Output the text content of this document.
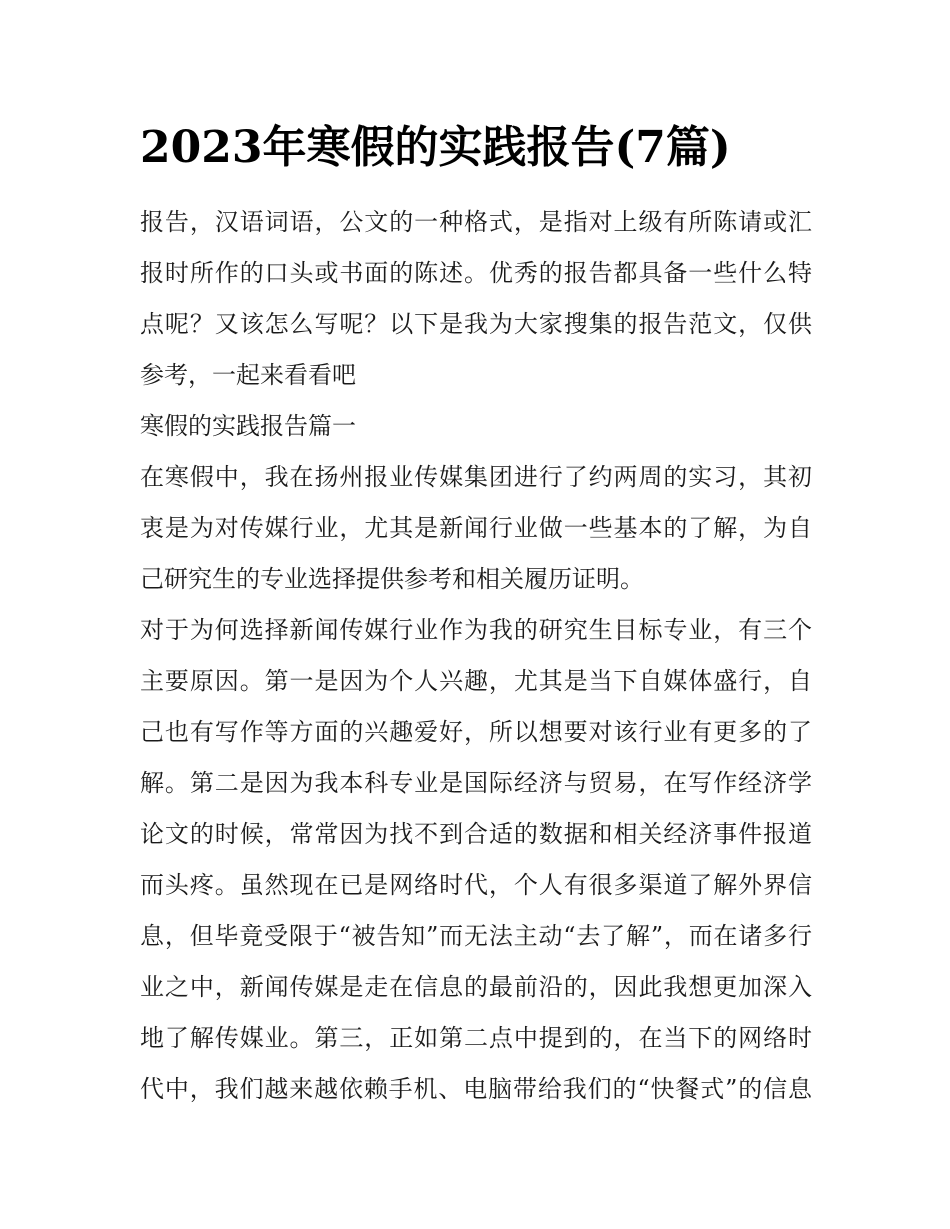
2023年寒假的实践报告(7篇)

报告，汉语词语，公文的一种格式，是指对上级有所陈请或汇
报时所作的口头或书面的陈述。优秀的报告都具备一些什么特
点呢？又该怎么写呢？以下是我为大家搜集的报告范文，仅供
参考，一起来看看吧

寒假的实践报告篇一

在寒假中，我在扬州报业传媒集团进行了约两周的实习，其初
衷是为对传媒行业，尤其是新闻行业做一些基本的了解，为自
己研究生的专业选择提供参考和相关履历证明。

对于为何选择新闻传媒行业作为我的研究生目标专业，有三个
主要原因。第一是因为个人兴趣，尤其是当下自媒体盛行，自
己也有写作等方面的兴趣爱好，所以想要对该行业有更多的了
解。第二是因为我本科专业是国际经济与贸易，在写作经济学
论文的时候，常常因为找不到合适的数据和相关经济事件报道
而头疼。虽然现在已是网络时代，个人有很多渠道了解外界信
息，但毕竟受限于“被告知”而无法主动“去了解”，而在诸多行
业之中，新闻传媒是走在信息的最前沿的，因此我想更加深入
地了解传媒业。第三，正如第二点中提到的，在当下的网络时
代中，我们越来越依赖手机、电脑带给我们的“快餐式”的信息
